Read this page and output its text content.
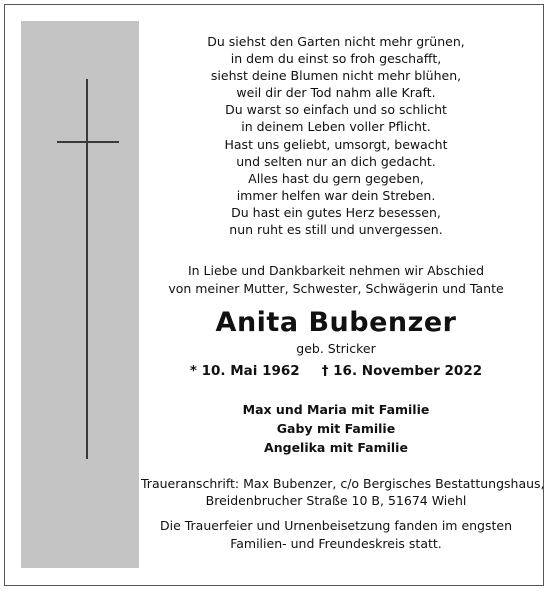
Du siehst den Garten nicht mehr grünen,
in dem du einst so froh geschafft,
siehst deine Blumen nicht mehr blühen,
weil dir der Tod nahm alle Kraft.
Du warst so einfach und so schlicht
in deinem Leben voller Pflicht.
Hast uns geliebt, umsorgt, bewacht
und selten nur an dich gedacht.
Alles hast du gern gegeben,
immer helfen war dein Streben.
Du hast ein gutes Herz besessen,
nun ruht es still und unvergessen.
In Liebe und Dankbarkeit nehmen wir Abschied
von meiner Mutter, Schwester, Schwägerin und Tante
Anita Bubenzer
geb. Stricker
* 10. Mai 1962 † 16. November 2022
Max und Maria mit Familie
Gaby mit Familie
Angelika mit Familie
Traueranschrift: Max Bubenzer, c/o Bergisches Bestattungshaus,
Breidenbrucher Straße 10 B, 51674 Wiehl
Die Trauerfeier und Urnenbeisetzung fanden im engsten
Familien- und Freundeskreis statt.
